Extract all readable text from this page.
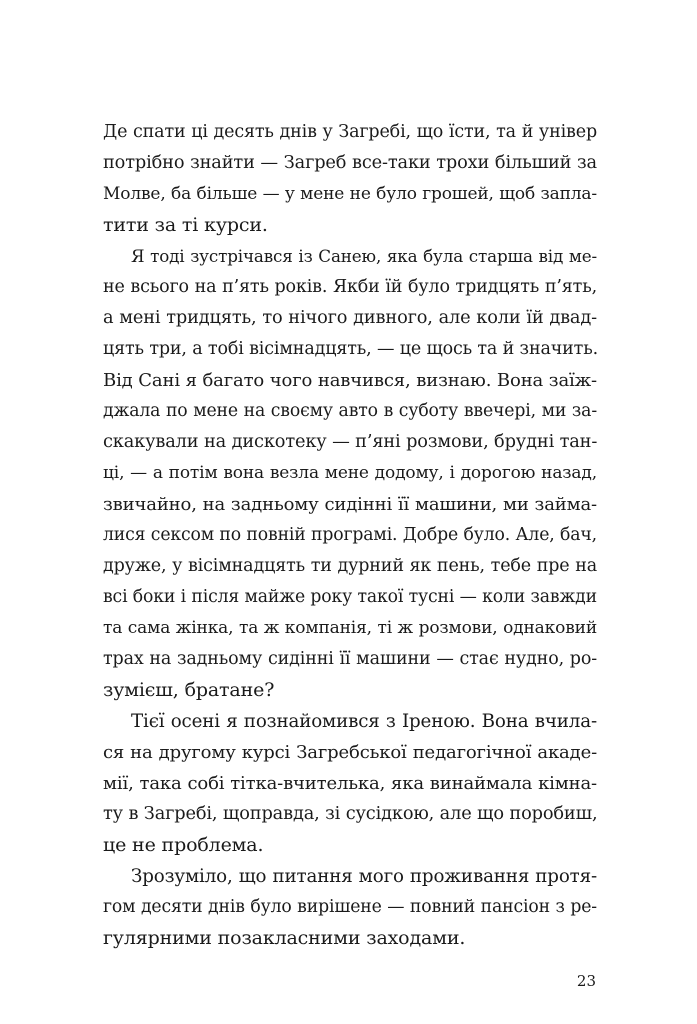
Де спати ці десять днів у Загребі, що їсти, та й універ
потрібно знайти — Загреб все-таки трохи більший за
Молве, ба більше — у мене не було грошей, щоб запла-
тити за ті курси.
Я тоді зустрічався із Санею, яка була старша від ме-
не всього на п’ять років. Якби їй було тридцять п’ять,
а мені тридцять, то нічого дивного, але коли їй двад-
цять три, а тобі вісімнадцять, — це щось та й значить.
Від Сані я багато чого навчився, визнаю. Вона заїж-
джала по мене на своєму авто в суботу ввечері, ми за-
скакували на дискотеку — п’яні розмови, брудні тан-
ці, — а потім вона везла мене додому, і дорогою назад,
звичайно, на задньому сидінні її машини, ми займа-
лися сексом по повній програмі. Добре було. Але, бач,
друже, у вісімнадцять ти дурний як пень, тебе пре на
всі боки і після майже року такої тусні — коли завжди
та сама жінка, та ж компанія, ті ж розмови, однаковий
трах на задньому сидінні її машини — стає нудно, ро-
зумієш, братане?
Тієї осені я познайомився з Іреною. Вона вчила-
ся на другому курсі Загребської педагогічної акаде-
мії, така собі тітка-вчителька, яка винаймала кімна-
ту в Загребі, щоправда, зі сусідкою, але що поробиш,
це не проблема.
Зрозуміло, що питання мого проживання протя-
гом десяти днів було вирішене — повний пансіон з ре-
гулярними позакласними заходами.
23
